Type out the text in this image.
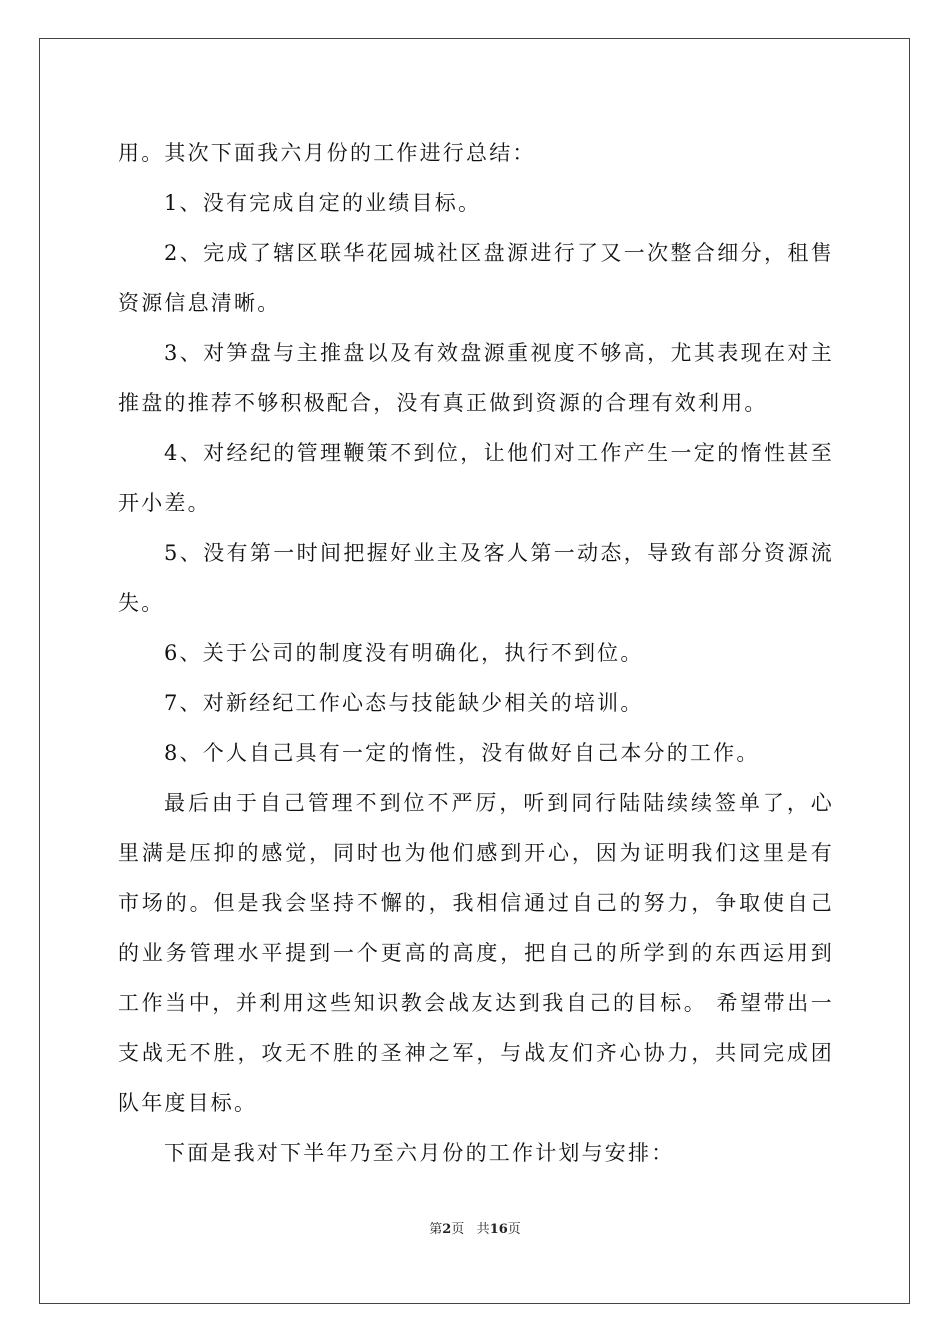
用。其次下面我六月份的工作进行总结：

1、没有完成自定的业绩目标。

2、完成了辖区联华花园城社区盘源进行了又一次整合细分，租售资源信息清晰。

3、对笋盘与主推盘以及有效盘源重视度不够高，尤其表现在对主推盘的推荐不够积极配合，没有真正做到资源的合理有效利用。

4、对经纪的管理鞭策不到位，让他们对工作产生一定的惰性甚至开小差。

5、没有第一时间把握好业主及客人第一动态，导致有部分资源流失。

6、关于公司的制度没有明确化，执行不到位。

7、对新经纪工作心态与技能缺少相关的培训。

8、个人自己具有一定的惰性，没有做好自己本分的工作。

最后由于自己管理不到位不严厉，听到同行陆陆续续签单了，心里满是压抑的感觉，同时也为他们感到开心，因为证明我们这里是有市场的。但是我会坚持不懈的，我相信通过自己的努力，争取使自己的业务管理水平提到一个更高的高度，把自己的所学到的东西运用到工作当中，并利用这些知识教会战友达到我自己的目标。 希望带出一支战无不胜，攻无不胜的圣神之军，与战友们齐心协力，共同完成团队年度目标。

下面是我对下半年乃至六月份的工作计划与安排：

第2页 共16页
